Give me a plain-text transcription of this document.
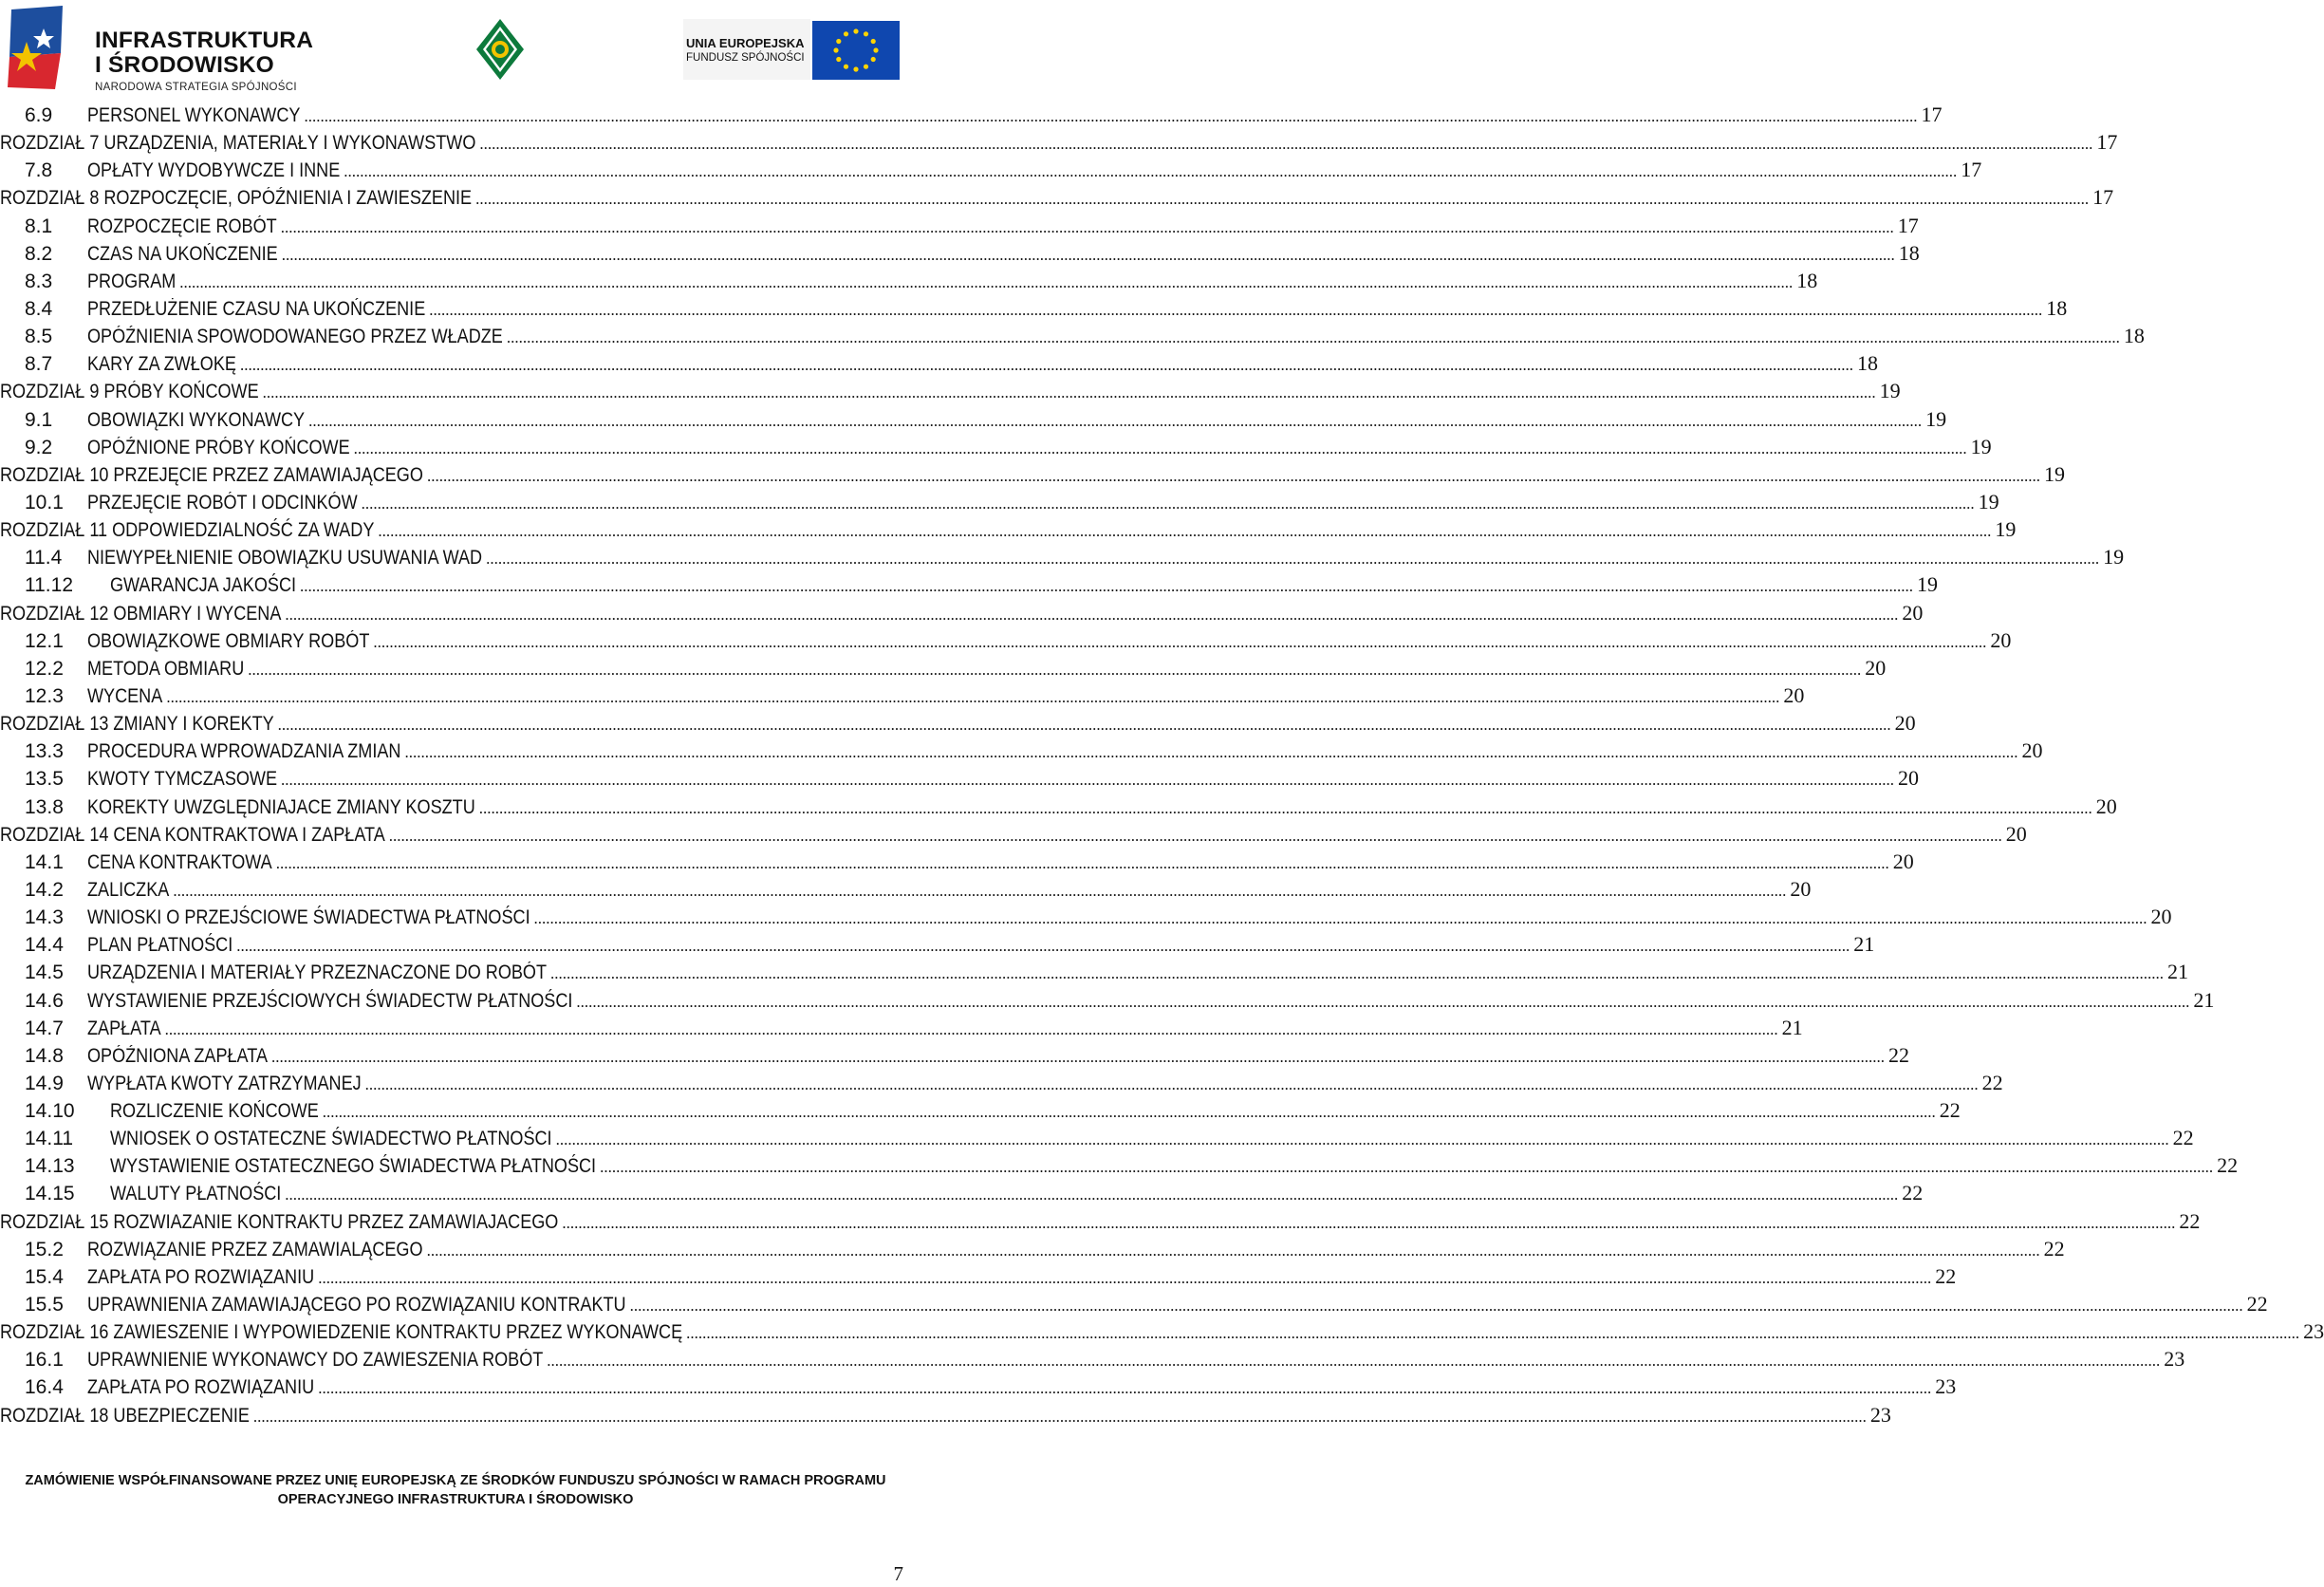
INFRASTRUKTURA
I ŚRODOWISKO
NARODOWA STRATEGIA SPÓJNOŚCI
UNIA EUROPEJSKA
FUNDUSZ SPÓJNOŚCI
6.9	PERSONEL WYKONAWCY ................................................................................................................................................................................................................................................................................................................................................................................................................ 17
ROZDZIAŁ 7 URZĄDZENIA, MATERIAŁY I WYKONAWSTWO ................................................................................................................................................................................................................................................................................................................................................................................................................ 17
7.8	OPŁATY WYDOBYWCZE I INNE ................................................................................................................................................................................................................................................................................................................................................................................................................ 17
ROZDZIAŁ 8 ROZPOCZĘCIE, OPÓŹNIENIA I ZAWIESZENIE ................................................................................................................................................................................................................................................................................................................................................................................................................ 17
8.1	ROZPOCZĘCIE ROBÓT ................................................................................................................................................................................................................................................................................................................................................................................................................ 17
8.2	CZAS NA UKOŃCZENIE ................................................................................................................................................................................................................................................................................................................................................................................................................ 18
8.3	PROGRAM ................................................................................................................................................................................................................................................................................................................................................................................................................ 18
8.4	PRZEDŁUŻENIE CZASU NA UKOŃCZENIE ................................................................................................................................................................................................................................................................................................................................................................................................................ 18
8.5	OPÓŹNIENIA SPOWODOWANEGO PRZEZ WŁADZE ................................................................................................................................................................................................................................................................................................................................................................................................................ 18
8.7	KARY ZA ZWŁOKĘ ................................................................................................................................................................................................................................................................................................................................................................................................................ 18
ROZDZIAŁ 9 PRÓBY KOŃCOWE ................................................................................................................................................................................................................................................................................................................................................................................................................ 19
9.1	OBOWIĄZKI WYKONAWCY ................................................................................................................................................................................................................................................................................................................................................................................................................ 19
9.2	OPÓŹNIONE PRÓBY KOŃCOWE ................................................................................................................................................................................................................................................................................................................................................................................................................ 19
ROZDZIAŁ 10 PRZEJĘCIE PRZEZ ZAMAWIAJĄCEGO ................................................................................................................................................................................................................................................................................................................................................................................................................ 19
10.1	PRZEJĘCIE ROBÓT I ODCINKÓW ................................................................................................................................................................................................................................................................................................................................................................................................................ 19
ROZDZIAŁ 11 ODPOWIEDZIALNOŚĆ ZA WADY ................................................................................................................................................................................................................................................................................................................................................................................................................ 19
11.4	NIEWYPEŁNIENIE OBOWIĄZKU USUWANIA WAD ................................................................................................................................................................................................................................................................................................................................................................................................................ 19
11.12	GWARANCJA JAKOŚCI ................................................................................................................................................................................................................................................................................................................................................................................................................ 19
ROZDZIAŁ 12 OBMIARY I WYCENA ................................................................................................................................................................................................................................................................................................................................................................................................................ 20
12.1	OBOWIĄZKOWE OBMIARY ROBÓT ................................................................................................................................................................................................................................................................................................................................................................................................................ 20
12.2	METODA OBMIARU ................................................................................................................................................................................................................................................................................................................................................................................................................ 20
12.3	WYCENA ................................................................................................................................................................................................................................................................................................................................................................................................................ 20
ROZDZIAŁ 13 ZMIANY I KOREKTY ................................................................................................................................................................................................................................................................................................................................................................................................................ 20
13.3	PROCEDURA WPROWADZANIA ZMIAN ................................................................................................................................................................................................................................................................................................................................................................................................................ 20
13.5	KWOTY TYMCZASOWE ................................................................................................................................................................................................................................................................................................................................................................................................................ 20
13.8	KOREKTY UWZGLĘDNIAJACE ZMIANY KOSZTU ................................................................................................................................................................................................................................................................................................................................................................................................................ 20
ROZDZIAŁ 14 CENA KONTRAKTOWA I ZAPŁATA ................................................................................................................................................................................................................................................................................................................................................................................................................ 20
14.1	CENA KONTRAKTOWA ................................................................................................................................................................................................................................................................................................................................................................................................................ 20
14.2	ZALICZKA ................................................................................................................................................................................................................................................................................................................................................................................................................ 20
14.3	WNIOSKI O PRZEJŚCIOWE ŚWIADECTWA PŁATNOŚCI ................................................................................................................................................................................................................................................................................................................................................................................................................ 20
14.4	PLAN PŁATNOŚCI ................................................................................................................................................................................................................................................................................................................................................................................................................ 21
14.5	URZĄDZENIA I MATERIAŁY PRZEZNACZONE DO ROBÓT ................................................................................................................................................................................................................................................................................................................................................................................................................ 21
14.6	WYSTAWIENIE PRZEJŚCIOWYCH ŚWIADECTW PŁATNOŚCI ................................................................................................................................................................................................................................................................................................................................................................................................................ 21
14.7	ZAPŁATA ................................................................................................................................................................................................................................................................................................................................................................................................................ 21
14.8	OPÓŹNIONA ZAPŁATA ................................................................................................................................................................................................................................................................................................................................................................................................................ 22
14.9	WYPŁATA KWOTY ZATRZYMANEJ ................................................................................................................................................................................................................................................................................................................................................................................................................ 22
14.10	ROZLICZENIE KOŃCOWE ................................................................................................................................................................................................................................................................................................................................................................................................................ 22
14.11	WNIOSEK O OSTATECZNE ŚWIADECTWO PŁATNOŚCI ................................................................................................................................................................................................................................................................................................................................................................................................................ 22
14.13	WYSTAWIENIE OSTATECZNEGO ŚWIADECTWA PŁATNOŚCI ................................................................................................................................................................................................................................................................................................................................................................................................................ 22
14.15	WALUTY PŁATNOŚCI ................................................................................................................................................................................................................................................................................................................................................................................................................ 22
ROZDZIAŁ 15 ROZWIAZANIE KONTRAKTU PRZEZ ZAMAWIAJACEGO ................................................................................................................................................................................................................................................................................................................................................................................................................ 22
15.2	ROZWIĄZANIE PRZEZ ZAMAWIALĄCEGO ................................................................................................................................................................................................................................................................................................................................................................................................................ 22
15.4	ZAPŁATA PO ROZWIĄZANIU ................................................................................................................................................................................................................................................................................................................................................................................................................ 22
15.5	UPRAWNIENIA ZAMAWIAJĄCEGO PO ROZWIĄZANIU KONTRAKTU ................................................................................................................................................................................................................................................................................................................................................................................................................ 22
ROZDZIAŁ 16 ZAWIESZENIE I WYPOWIEDZENIE KONTRAKTU PRZEZ WYKONAWCĘ ................................................................................................................................................................................................................................................................................................................................................................................................................ 23
16.1	UPRAWNIENIE WYKONAWCY DO ZAWIESZENIA ROBÓT ................................................................................................................................................................................................................................................................................................................................................................................................................ 23
16.4	ZAPŁATA PO ROZWIĄZANIU ................................................................................................................................................................................................................................................................................................................................................................................................................ 23
ROZDZIAŁ 18 UBEZPIECZENIE ................................................................................................................................................................................................................................................................................................................................................................................................................ 23
ZAMÓWIENIE WSPÓŁFINANSOWANE PRZEZ UNIĘ EUROPEJSKĄ ZE ŚRODKÓW FUNDUSZU SPÓJNOŚCI W RAMACH PROGRAMU
OPERACYJNEGO INFRASTRUKTURA I ŚRODOWISKO
7
